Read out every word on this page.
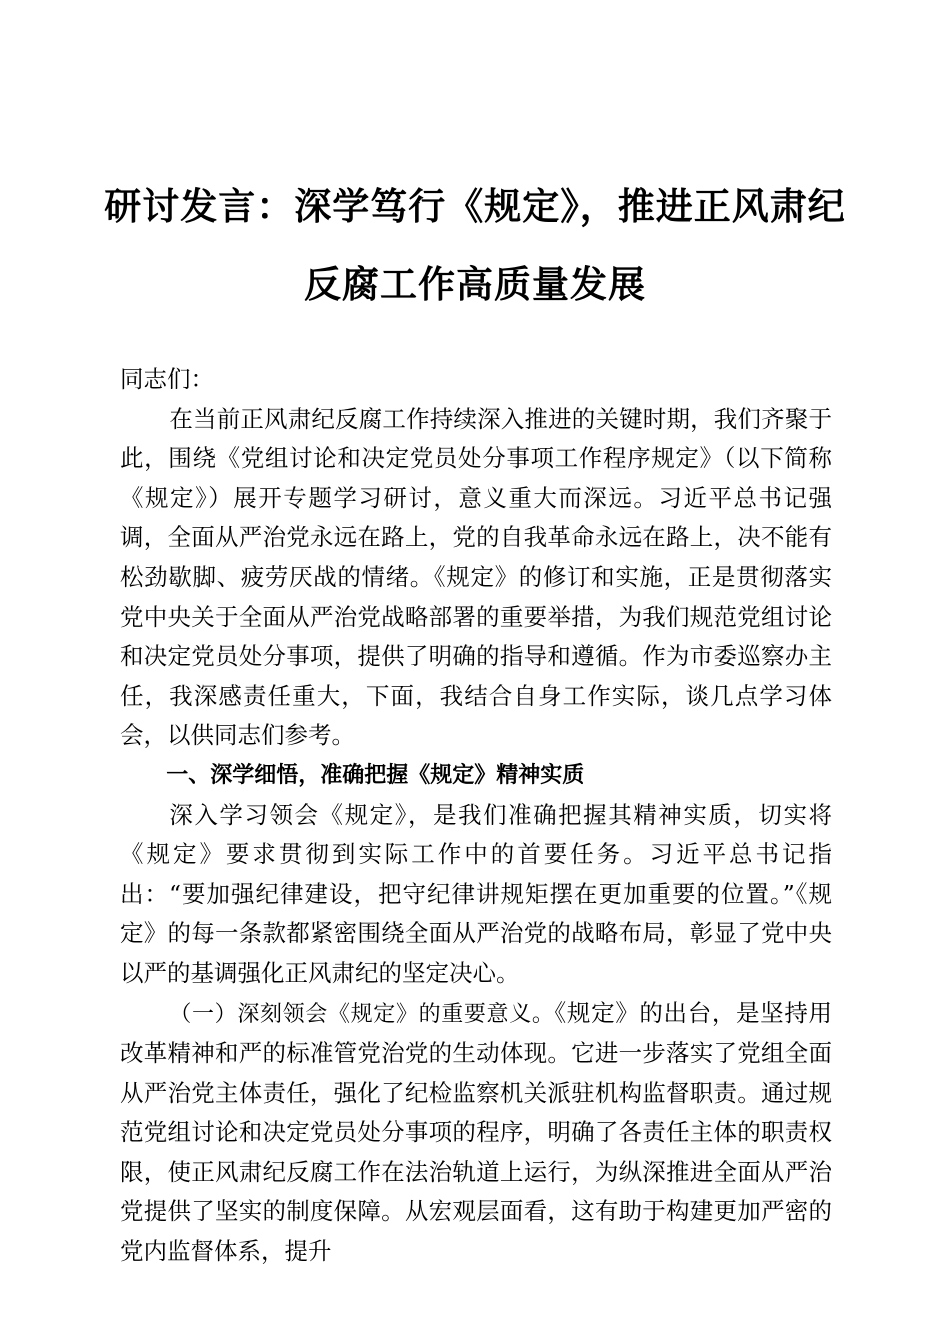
研讨发言：深学笃行《规定》，推进正风肃纪
反腐工作高质量发展

同志们：

在当前正风肃纪反腐工作持续深入推进的关键时期，我们齐聚于此，围绕《党组讨论和决定党员处分事项工作程序规定》（以下简称《规定》）展开专题学习研讨，意义重大而深远。习近平总书记强调，全面从严治党永远在路上，党的自我革命永远在路上，决不能有松劲歇脚、疲劳厌战的情绪。《规定》的修订和实施，正是贯彻落实党中央关于全面从严治党战略部署的重要举措，为我们规范党组讨论和决定党员处分事项，提供了明确的指导和遵循。作为市委巡察办主任，我深感责任重大，下面，我结合自身工作实际，谈几点学习体会，以供同志们参考。

一、深学细悟，准确把握《规定》精神实质

深入学习领会《规定》，是我们准确把握其精神实质，切实将《规定》要求贯彻到实际工作中的首要任务。习近平总书记指出：“要加强纪律建设，把守纪律讲规矩摆在更加重要的位置。”《规定》的每一条款都紧密围绕全面从严治党的战略布局，彰显了党中央以严的基调强化正风肃纪的坚定决心。

（一）深刻领会《规定》的重要意义。《规定》的出台，是坚持用改革精神和严的标准管党治党的生动体现。它进一步落实了党组全面从严治党主体责任，强化了纪检监察机关派驻机构监督职责。通过规范党组讨论和决定党员处分事项的程序，明确了各责任主体的职责权限，使正风肃纪反腐工作在法治轨道上运行，为纵深推进全面从严治党提供了坚实的制度保障。从宏观层面看，这有助于构建更加严密的党内监督体系，提升
